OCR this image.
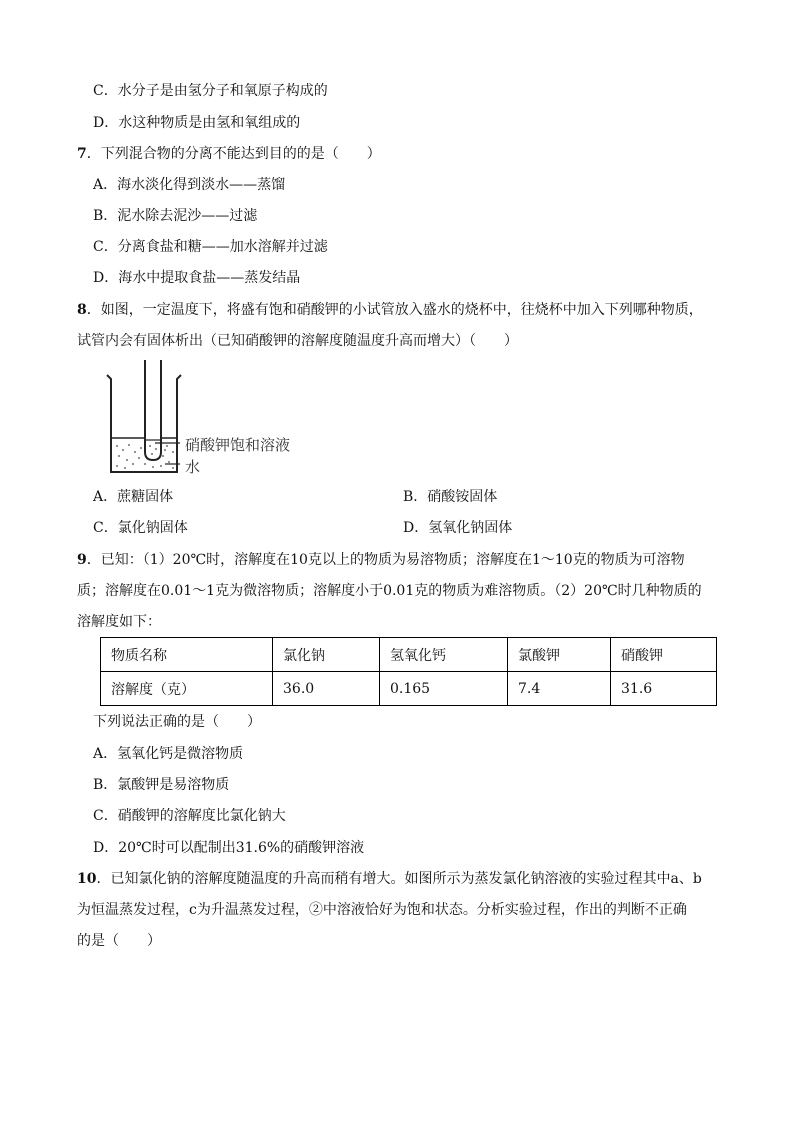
C．水分子是由氢分子和氧原子构成的
D．水这种物质是由氢和氧组成的
7．下列混合物的分离不能达到目的的是（　　）
A．海水淡化得到淡水——蒸馏
B．泥水除去泥沙——过滤
C．分离食盐和糖——加水溶解并过滤
D．海水中提取食盐——蒸发结晶
8．如图，一定温度下，将盛有饱和硝酸钾的小试管放入盛水的烧杯中，往烧杯中加入下列哪种物质，
试管内会有固体析出（已知硝酸钾的溶解度随温度升高而增大）（　　）
硝酸钾饱和溶液
水
A．蔗糖固体	B．硝酸铵固体
C．氯化钠固体	D．氢氧化钠固体
9．已知：（1）20℃时，溶解度在10克以上的物质为易溶物质；溶解度在1～10克的物质为可溶物
质；溶解度在0.01～1克为微溶物质；溶解度小于0.01克的物质为难溶物质。（2）20℃时几种物质的
溶解度如下：
物质名称	氯化钠	氢氧化钙	氯酸钾	硝酸钾
溶解度（克）	36.0	0.165	7.4	31.6
下列说法正确的是（　　）
A．氢氧化钙是微溶物质
B．氯酸钾是易溶物质
C．硝酸钾的溶解度比氯化钠大
D．20℃时可以配制出31.6%的硝酸钾溶液
10．已知氯化钠的溶解度随温度的升高而稍有增大。如图所示为蒸发氯化钠溶液的实验过程其中a、b
为恒温蒸发过程，c为升温蒸发过程，②中溶液恰好为饱和状态。分析实验过程，作出的判断不正确
的是（　　）
